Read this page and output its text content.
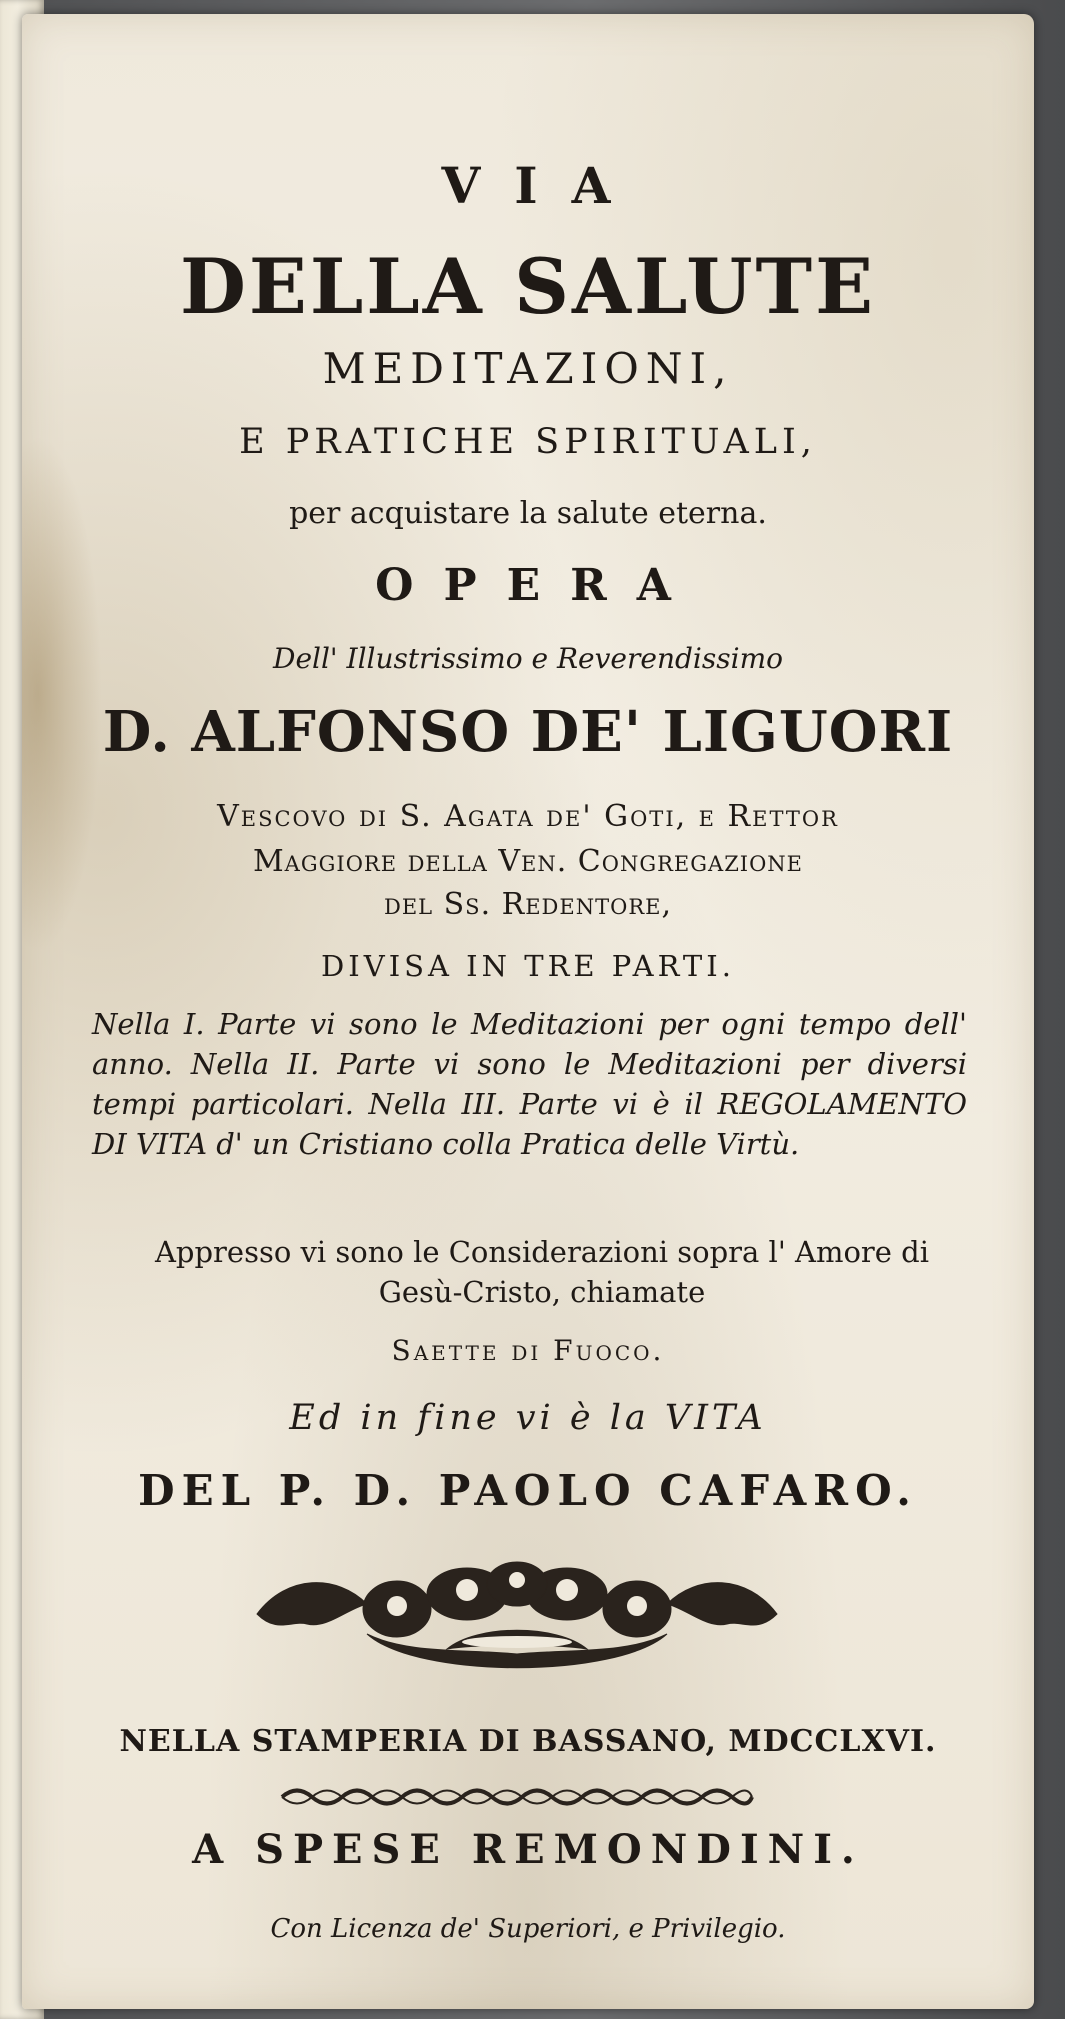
VIA
DELLA SALUTE
MEDITAZIONI,
E PRATICHE SPIRITUALI,
per acquistare la salute eterna.
OPERA
Dell' Illustrissimo e Reverendissimo
D. ALFONSO DE' LIGUORI
Vescovo di S. Agata de' Goti, e Rettor
Maggiore della Ven. Congregazione
del Ss. Redentore,
DIVISA IN TRE PARTI.
Nella I. Parte vi sono le Meditazioni per ogni tempo dell' anno. Nella II. Parte vi sono le Meditazioni per diversi tempi particolari. Nella III. Parte vi è il REGOLAMENTO DI VITA d' un Cristiano colla Pratica delle Virtù.
Appresso vi sono le Considerazioni sopra l' Amore di Gesù-Cristo, chiamate
Saette di Fuoco.
Ed in fine vi è la VITA
DEL P. D. PAOLO CAFARO.
NELLA STAMPERIA DI BASSANO, MDCCLXVI.
A SPESE REMONDINI.
Con Licenza de' Superiori, e Privilegio.
